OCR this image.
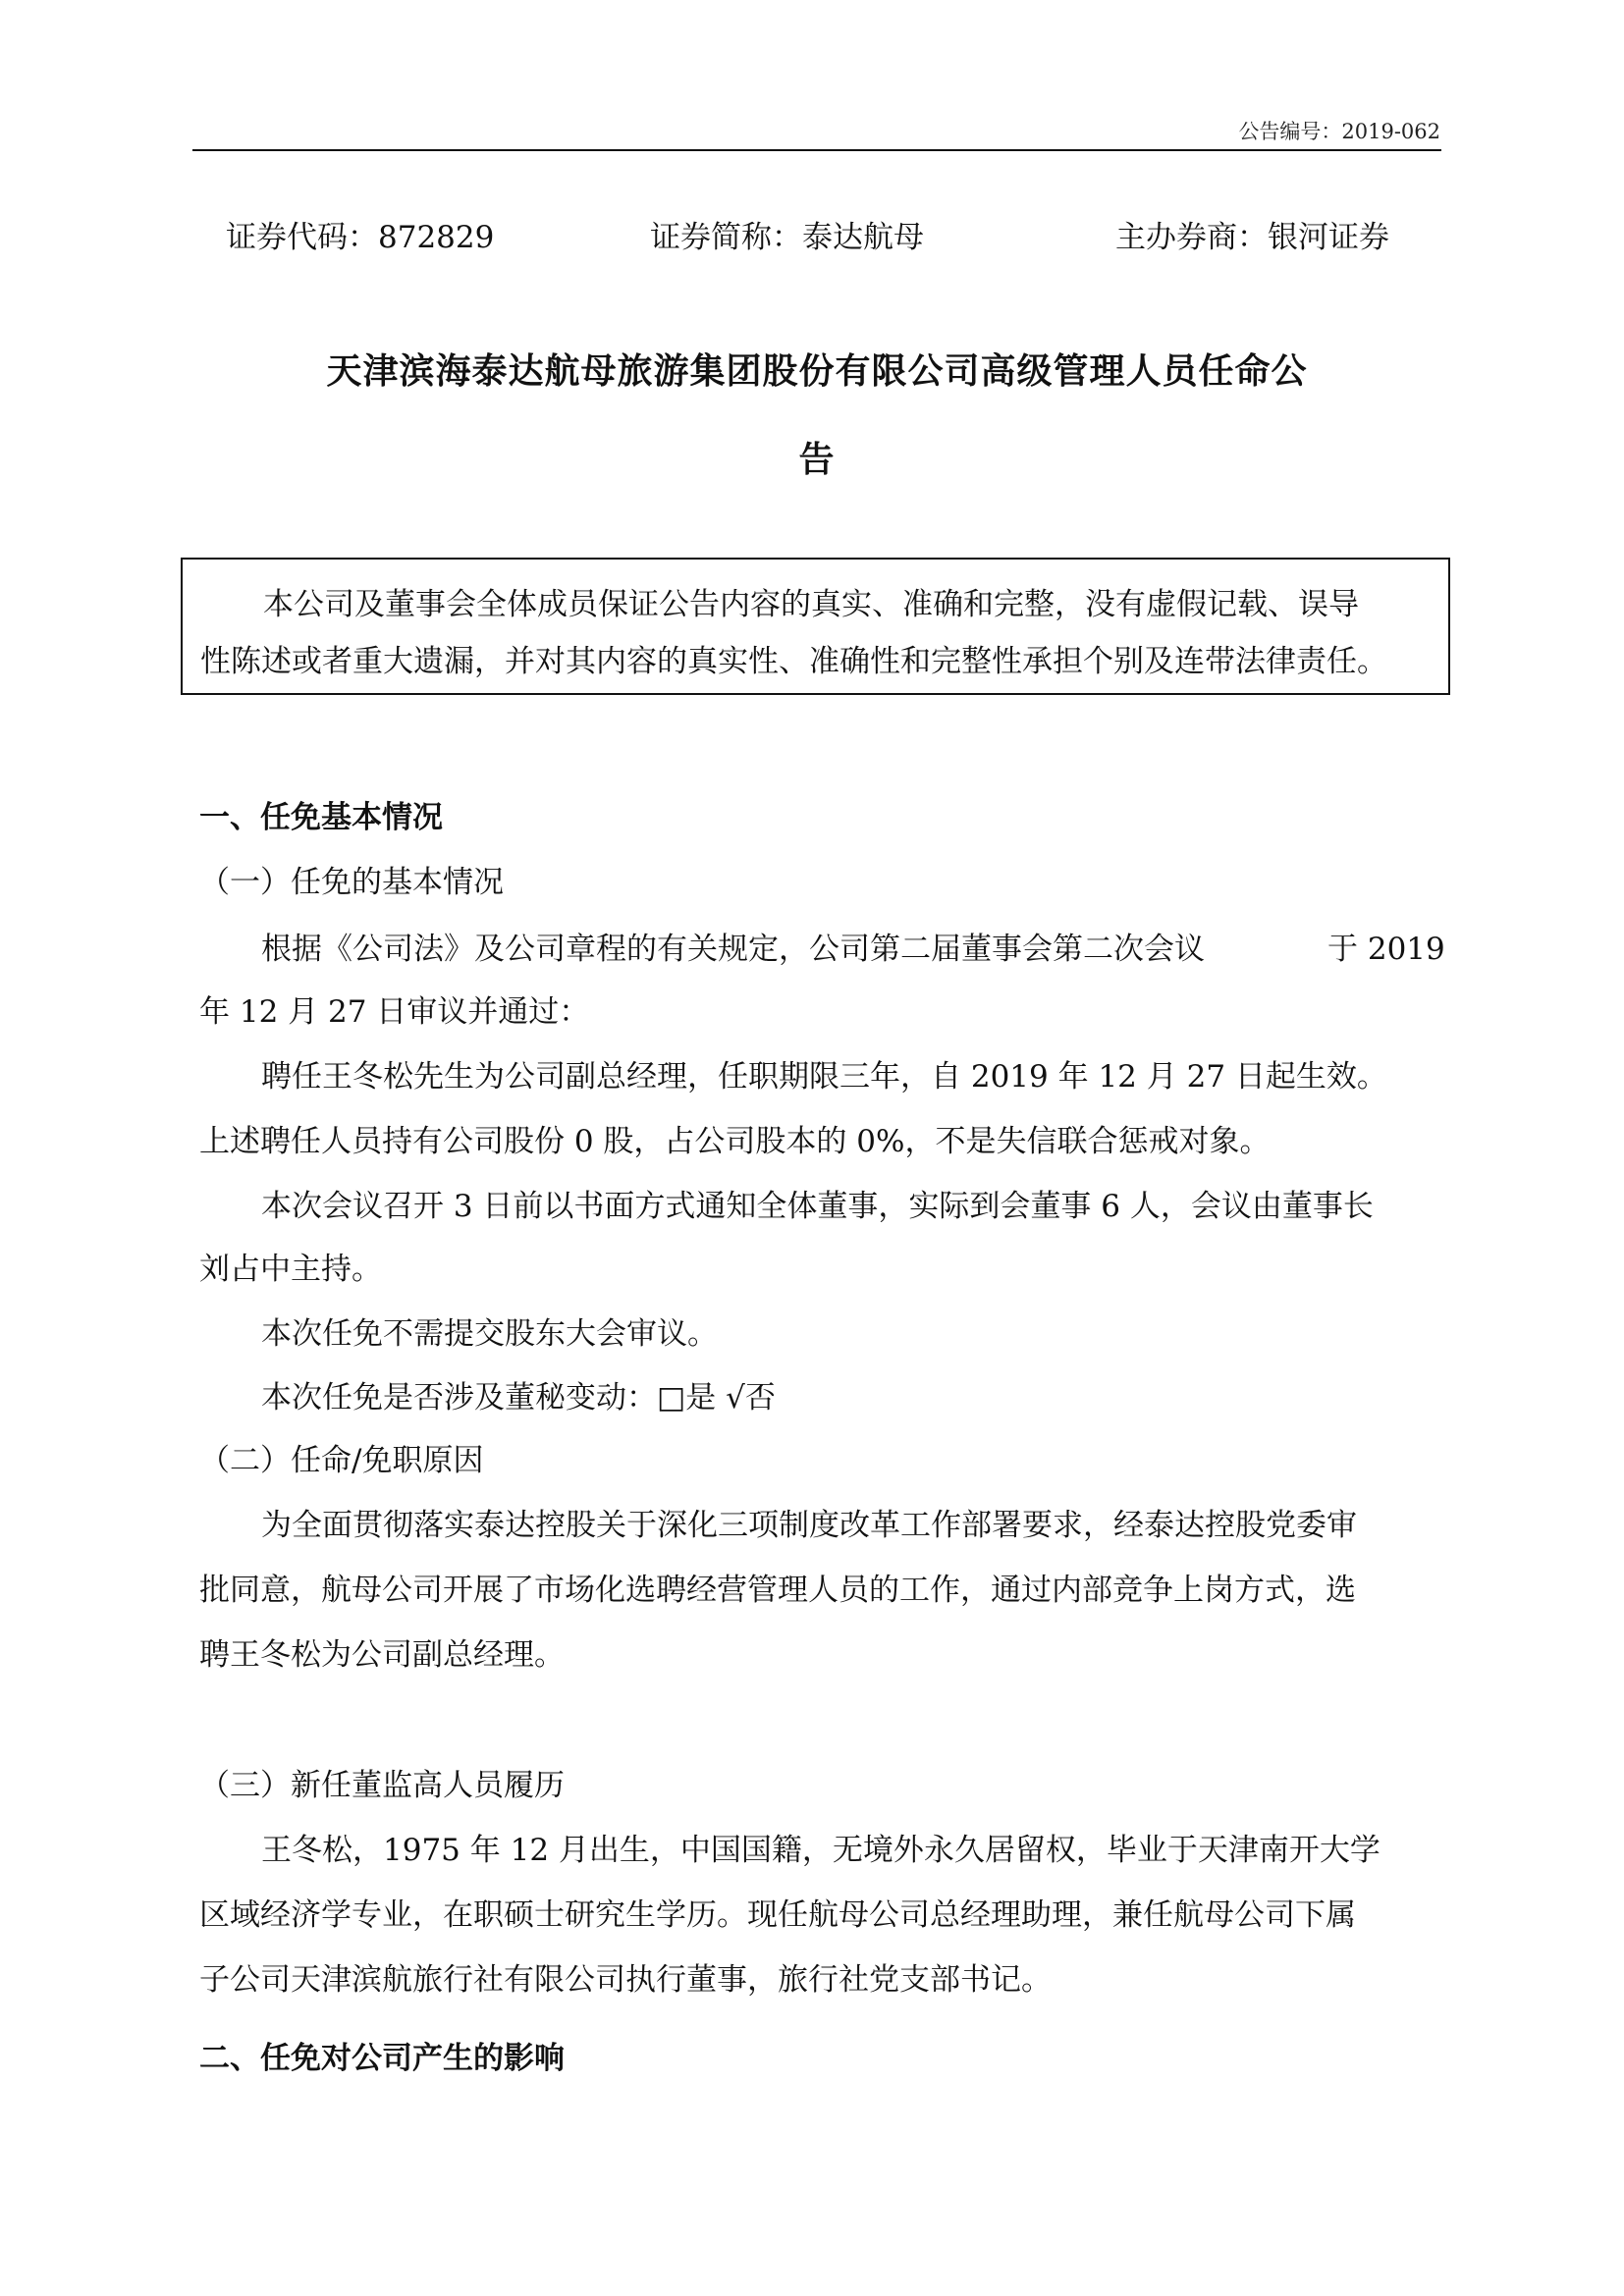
公告编号：2019-062
证券代码：872829	证券简称：泰达航母	主办券商：银河证券
天津滨海泰达航母旅游集团股份有限公司高级管理人员任命公
告
本公司及董事会全体成员保证公告内容的真实、准确和完整，没有虚假记载、误导
性陈述或者重大遗漏，并对其内容的真实性、准确性和完整性承担个别及连带法律责任。
一、任免基本情况
（一）任免的基本情况
根据《公司法》及公司章程的有关规定，公司第二届董事会第二次会议	于 2019
年 12 月 27 日审议并通过：
聘任王冬松先生为公司副总经理，任职期限三年，自 2019 年 12 月 27 日起生效。
上述聘任人员持有公司股份 0 股，占公司股本的 0%，不是失信联合惩戒对象。
本次会议召开 3 日前以书面方式通知全体董事，实际到会董事 6 人，会议由董事长
刘占中主持。
本次任免不需提交股东大会审议。
本次任免是否涉及董秘变动：□是 √否
（二）任命/免职原因
为全面贯彻落实泰达控股关于深化三项制度改革工作部署要求，经泰达控股党委审
批同意，航母公司开展了市场化选聘经营管理人员的工作，通过内部竞争上岗方式，选
聘王冬松为公司副总经理。
（三）新任董监高人员履历
王冬松，1975 年 12 月出生，中国国籍，无境外永久居留权，毕业于天津南开大学
区域经济学专业，在职硕士研究生学历。现任航母公司总经理助理，兼任航母公司下属
子公司天津滨航旅行社有限公司执行董事，旅行社党支部书记。
二、任免对公司产生的影响
